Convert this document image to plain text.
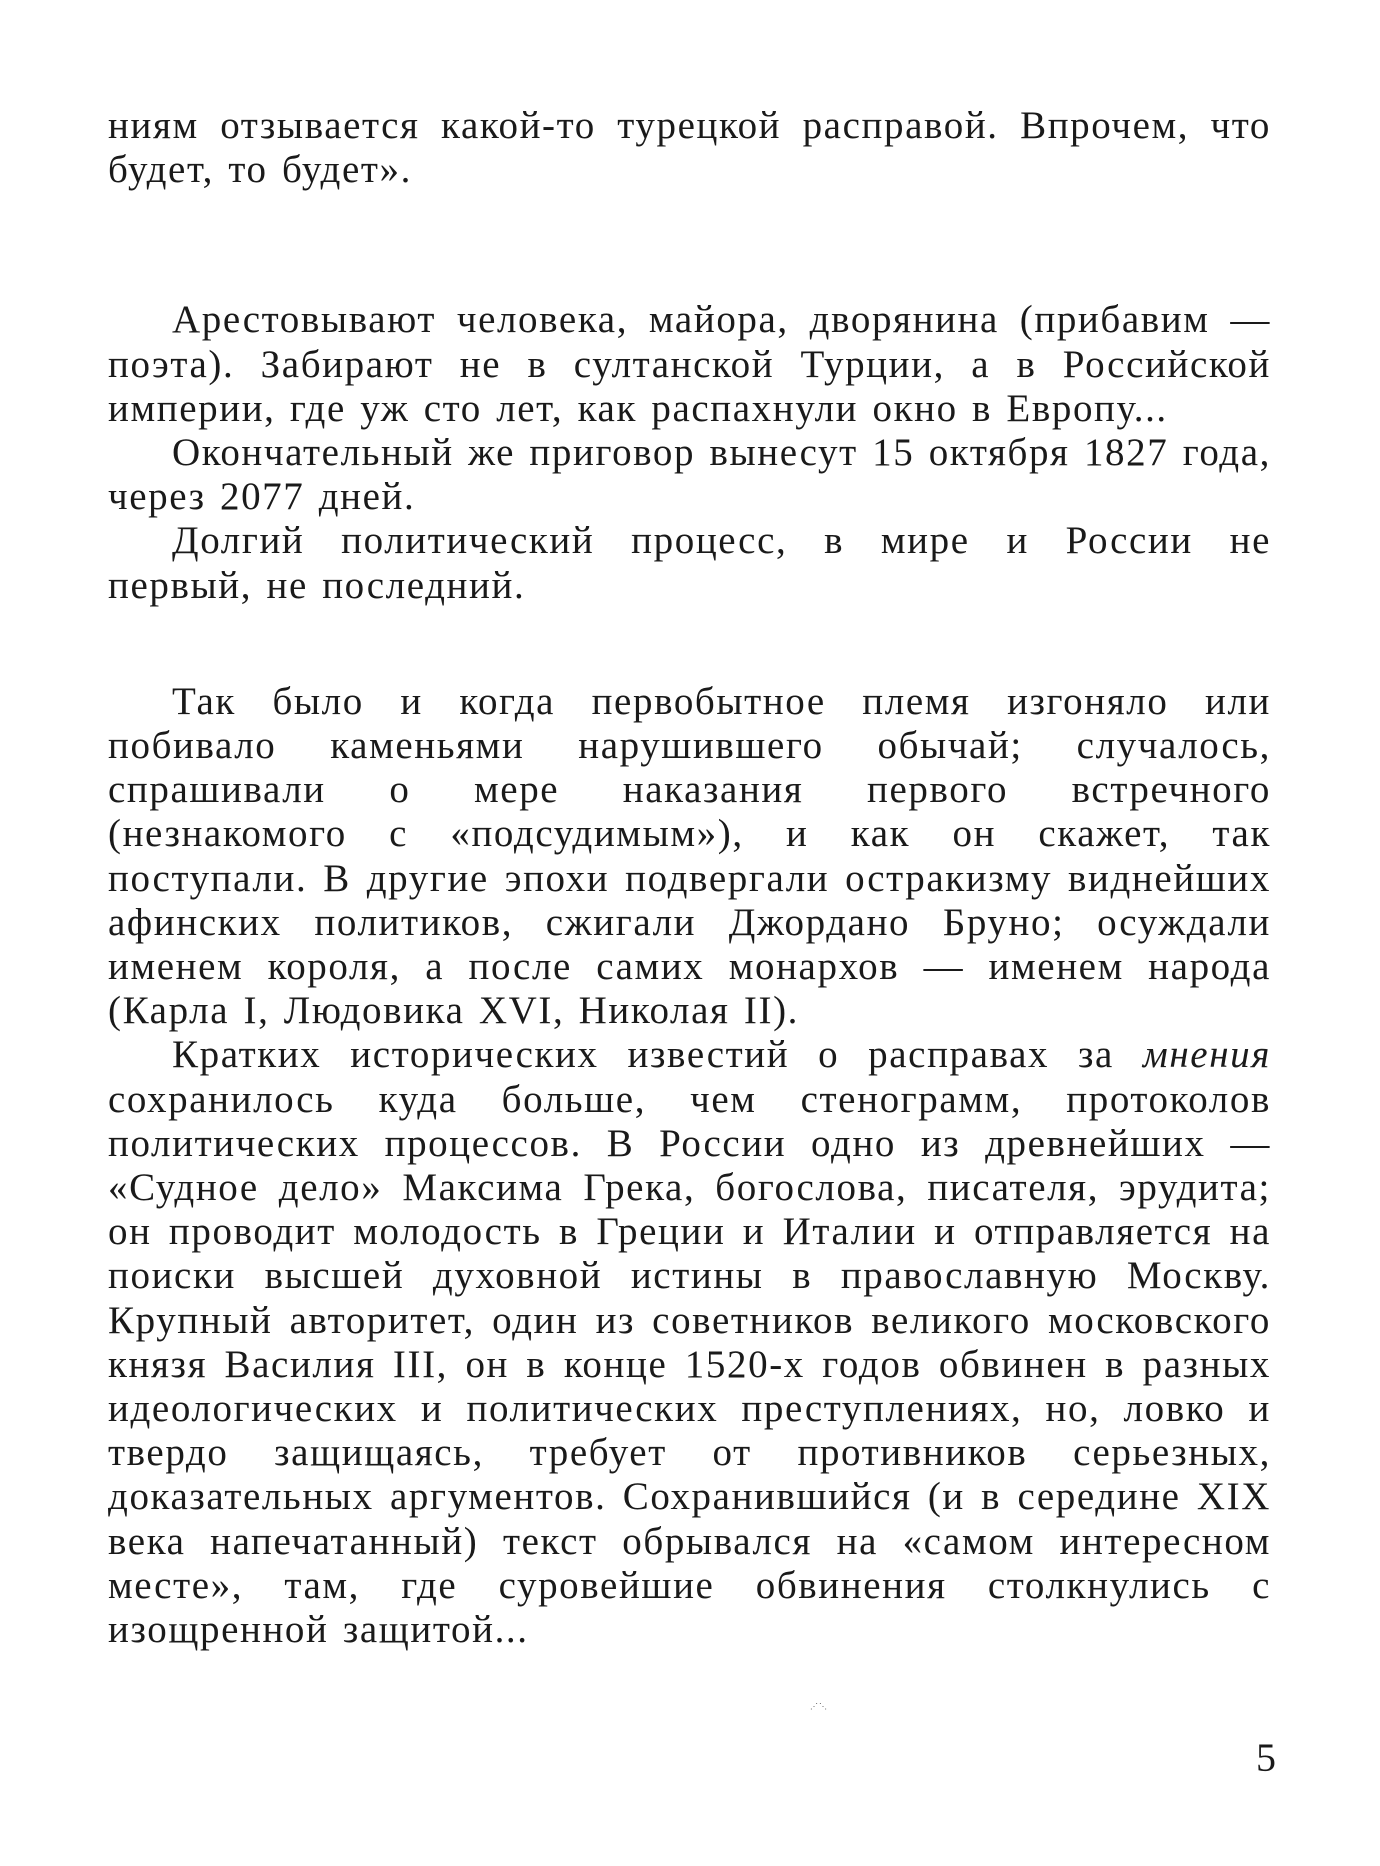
ниям отзывается какой-то турецкой расправой. Впрочем, что будет, то будет».

Арестовывают человека, майора, дворянина (прибавим — поэта). Забирают не в султанской Турции, а в Российской империи, где уж сто лет, как распахнули окно в Европу...

Окончательный же приговор вынесут 15 октября 1827 года, через 2077 дней.

Долгий политический процесс, в мире и России не первый, не последний.

Так было и когда первобытное племя изгоняло или побивало каменьями нарушившего обычай; случалось, спрашивали о мере наказания первого встречного (незнакомого с «подсудимым»), и как он скажет, так поступали. В другие эпохи подвергали остракизму виднейших афинских политиков, сжигали Джордано Бруно; осуждали именем короля, а после самих монархов — именем народа (Карла I, Людовика XVI, Николая II).

Кратких исторических известий о расправах за мнения сохранилось куда больше, чем стенограмм, протоколов политических процессов. В России одно из древнейших — «Судное дело» Максима Грека, богослова, писателя, эрудита; он проводит молодость в Греции и Италии и отправляется на поиски высшей духовной истины в православную Москву. Крупный авторитет, один из советников великого московского князя Василия III, он в конце 1520-х годов обвинен в разных идеологических и политических преступлениях, но, ловко и твердо защищаясь, требует от противников серьезных, доказательных аргументов. Сохранившийся (и в середине XIX века напечатанный) текст обрывался на «самом интересном месте», там, где суровейшие обвинения столкнулись с изощренной защитой...

⋰⋱
5
